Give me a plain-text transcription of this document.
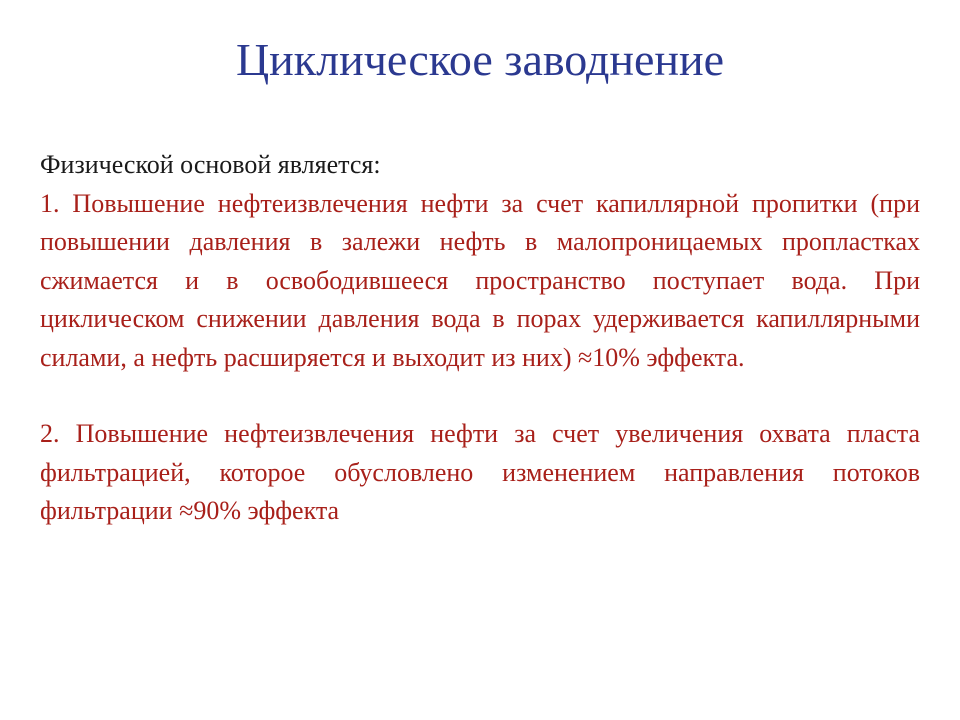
Циклическое заводнение

Физической основой является:

1. Повышение нефтеизвлечения нефти за счет капиллярной пропитки (при повышении давления в залежи нефть в малопроницаемых пропластках сжимается и в освободившееся пространство поступает вода. При циклическом снижении давления вода в порах удерживается капиллярными силами, а нефть расширяется и выходит из них) ≈10% эффекта.

2. Повышение нефтеизвлечения нефти за счет увеличения охвата пласта фильтрацией, которое обусловлено изменением направления потоков фильтрации ≈90% эффекта
